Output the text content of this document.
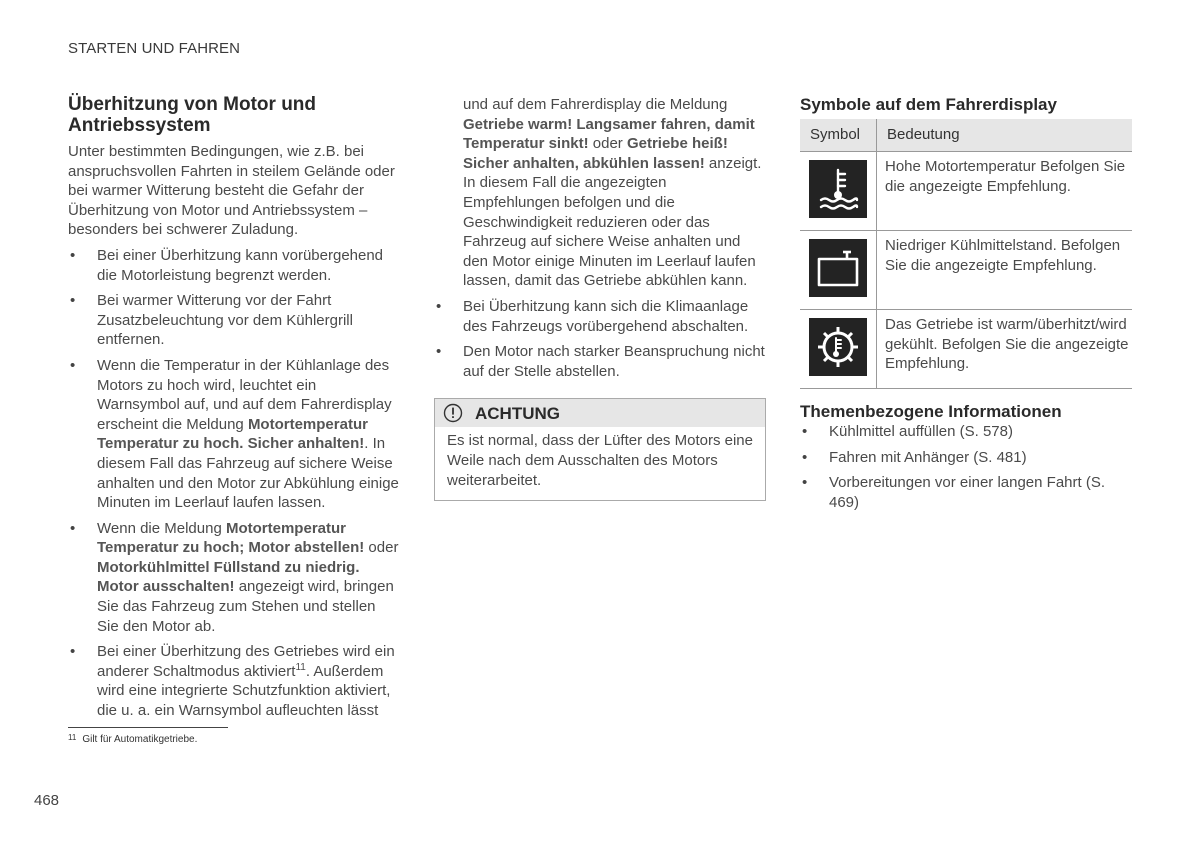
STARTEN UND FAHREN
Überhitzung von Motor und Antriebssystem

Unter bestimmten Bedingungen, wie z.B. bei anspruchsvollen Fahrten in steilem Gelände oder bei warmer Witterung besteht die Gefahr der Überhitzung von Motor und Antriebssystem – besonders bei schwerer Zuladung.

• Bei einer Überhitzung kann vorübergehend die Motorleistung begrenzt werden.
• Bei warmer Witterung vor der Fahrt Zusatzbeleuchtung vor dem Kühlergrill entfernen.
• Wenn die Temperatur in der Kühlanlage des Motors zu hoch wird, leuchtet ein Warnsymbol auf, und auf dem Fahrerdisplay erscheint die Meldung Motortemperatur Temperatur zu hoch. Sicher anhalten!. In diesem Fall das Fahrzeug auf sichere Weise anhalten und den Motor zur Abkühlung einige Minuten im Leerlauf laufen lassen.
• Wenn die Meldung Motortemperatur Temperatur zu hoch; Motor abstellen! oder Motorkühlmittel Füllstand zu niedrig. Motor ausschalten! angezeigt wird, bringen Sie das Fahrzeug zum Stehen und stellen Sie den Motor ab.
• Bei einer Überhitzung des Getriebes wird ein anderer Schaltmodus aktiviert$^{11}$. Außerdem wird eine integrierte Schutzfunktion aktiviert, die u. a. ein Warnsymbol aufleuchten lässt

und auf dem Fahrerdisplay die Meldung Getriebe warm! Langsamer fahren, damit Temperatur sinkt! oder Getriebe heiß! Sicher anhalten, abkühlen lassen! anzeigt. In diesem Fall die angezeigten Empfehlungen befolgen und die Geschwindigkeit reduzieren oder das Fahrzeug auf sichere Weise anhalten und den Motor einige Minuten im Leerlauf laufen lassen, damit das Getriebe abkühlen kann.

• Bei Überhitzung kann sich die Klimaanlage des Fahrzeugs vorübergehend abschalten.
• Den Motor nach starker Beanspruchung nicht auf der Stelle abstellen.
ACHTUNG
Es ist normal, dass der Lüfter des Motors eine Weile nach dem Ausschalten des Motors weiterarbeitet.
Symbole auf dem Fahrerdisplay
Symbol	Bedeutung

	Hohe Motortemperatur Befolgen Sie die angezeigte Empfehlung.

	Niedriger Kühlmittelstand. Befolgen Sie die angezeigte Empfehlung.

	Das Getriebe ist warm/überhitzt/wird gekühlt. Befolgen Sie die angezeigte Empfehlung.
Themenbezogene Informationen
• Kühlmittel auffüllen (S. 578)
• Fahren mit Anhänger (S. 481)
• Vorbereitungen vor einer langen Fahrt (S. 469)
$^{11}$ Gilt für Automatikgetriebe.
468
